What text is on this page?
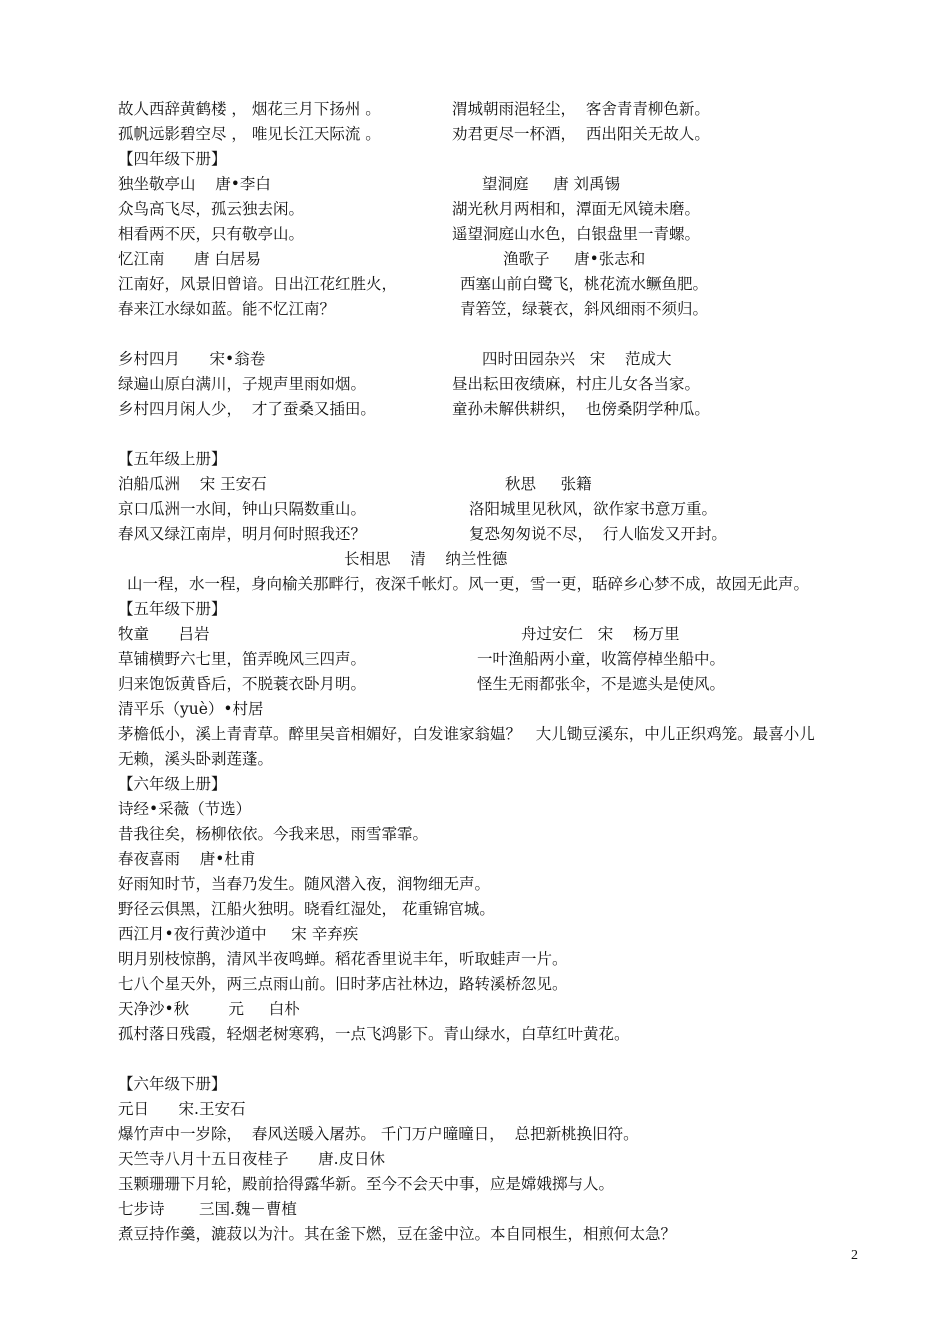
故人西辞黄鹤楼 ， 烟花三月下扬州 。	渭城朝雨浥轻尘，  客舍青青柳色新。
孤帆远影碧空尽 ， 唯见长江天际流 。	劝君更尽一杯酒，  西出阳关无故人。
【四年级下册】
独坐敬亭山    唐•李白	望洞庭     唐 刘禹锡
众鸟高飞尽，孤云独去闲。	湖光秋月两相和，潭面无风镜未磨。
相看两不厌，只有敬亭山。	遥望洞庭山水色，白银盘里一青螺。
忆江南      唐 白居易	渔歌子     唐•张志和
江南好，风景旧曾谙。日出江花红胜火，	西塞山前白鹭飞，桃花流水鳜鱼肥。
春来江水绿如蓝。能不忆江南？	青箬笠，绿蓑衣，斜风细雨不须归。
乡村四月      宋•翁卷	四时田园杂兴   宋    范成大
绿遍山原白满川，子规声里雨如烟。	昼出耘田夜绩麻，村庄儿女各当家。
乡村四月闲人少，  才了蚕桑又插田。	童孙未解供耕织，  也傍桑阴学种瓜。
【五年级上册】
泊船瓜洲    宋 王安石	秋思     张籍
京口瓜洲一水间，钟山只隔数重山。	洛阳城里见秋风，欲作家书意万重。
春风又绿江南岸，明月何时照我还？	复恐匆匆说不尽，  行人临发又开封。
长相思    清    纳兰性德
山一程，水一程，身向榆关那畔行，夜深千帐灯。风一更，雪一更，聒碎乡心梦不成，故园无此声。
【五年级下册】
牧童      吕岩	舟过安仁   宋    杨万里
草铺横野六七里，笛弄晚风三四声。	一叶渔船两小童，收篙停棹坐船中。
归来饱饭黄昏后，不脱蓑衣卧月明。	怪生无雨都张伞，不是遮头是使风。
清平乐（yuè）•村居
茅檐低小，溪上青青草。醉里吴音相媚好，白发谁家翁媪？   大儿锄豆溪东，中儿正织鸡笼。最喜小儿
无赖，溪头卧剥莲蓬。
【六年级上册】
诗经•采薇（节选）
昔我往矣，杨柳依依。今我来思，雨雪霏霏。
春夜喜雨    唐•杜甫
好雨知时节，当春乃发生。随风潜入夜，润物细无声。
野径云俱黑，江船火独明。晓看红湿处， 花重锦官城。
西江月•夜行黄沙道中     宋 辛弃疾
明月别枝惊鹊，清风半夜鸣蝉。稻花香里说丰年，听取蛙声一片。
七八个星天外，两三点雨山前。旧时茅店社林边，路转溪桥忽见。
天净沙•秋        元     白朴
孤村落日残霞，轻烟老树寒鸦，一点飞鸿影下。青山绿水，白草红叶黄花。
【六年级下册】
元日      宋.王安石
爆竹声中一岁除，  春风送暖入屠苏。 千门万户曈曈日，  总把新桃换旧符。
天竺寺八月十五日夜桂子      唐.皮日休
玉颗珊珊下月轮，殿前拾得露华新。至今不会天中事，应是嫦娥掷与人。
七步诗       三国.魏－曹植
煮豆持作羹，漉菽以为汁。其在釜下燃，豆在釜中泣。本自同根生，相煎何太急？
2
